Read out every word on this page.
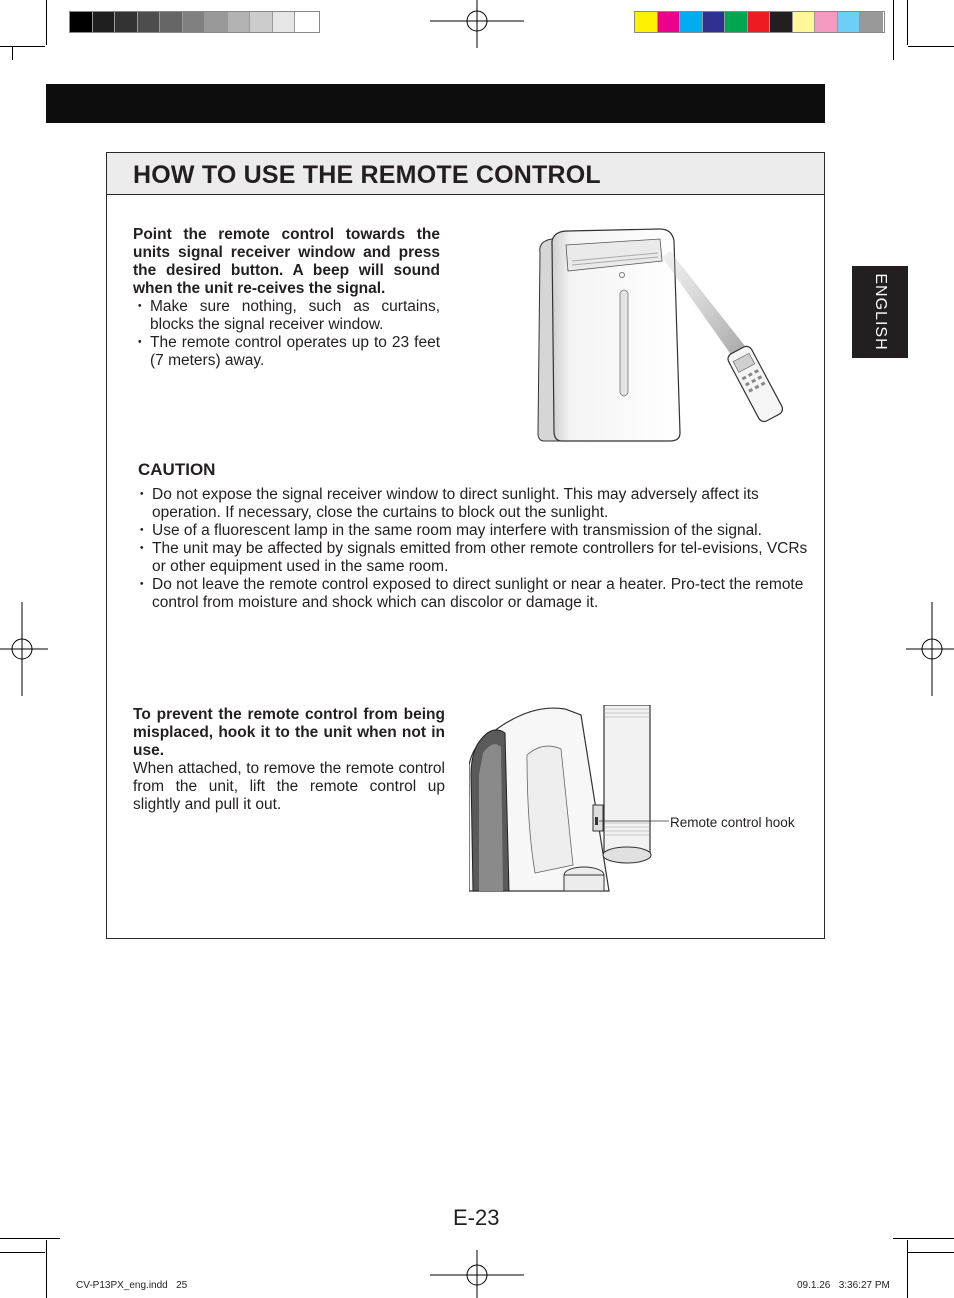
ENGLISH
HOW TO USE THE REMOTE CONTROL

Point the remote control towards the units signal receiver window and press the desired button. A beep will sound when the unit re-ceives the signal.

・ Make sure nothing, such as curtains, blocks the signal receiver window.
・ The remote control operates up to 23 feet (7 meters) away.

CAUTION

・ Do not expose the signal receiver window to direct sunlight. This may adversely affect its operation. If necessary, close the curtains to block out the sunlight.
・ Use of a fluorescent lamp in the same room may interfere with transmission of the signal.
・ The unit may be affected by signals emitted from other remote controllers for tel-evisions, VCRs or other equipment used in the same room.
・ Do not leave the remote control exposed to direct sunlight or near a heater. Pro-tect the remote control from moisture and shock which can discolor or damage it.

To prevent the remote control from being misplaced, hook it to the unit when not in use.

When attached, to remove the remote control from the unit, lift the remote control up slightly and pull it out.

Remote control hook
E-23
CV-P13PX_eng.indd   25	09.1.26   3:36:27 PM
